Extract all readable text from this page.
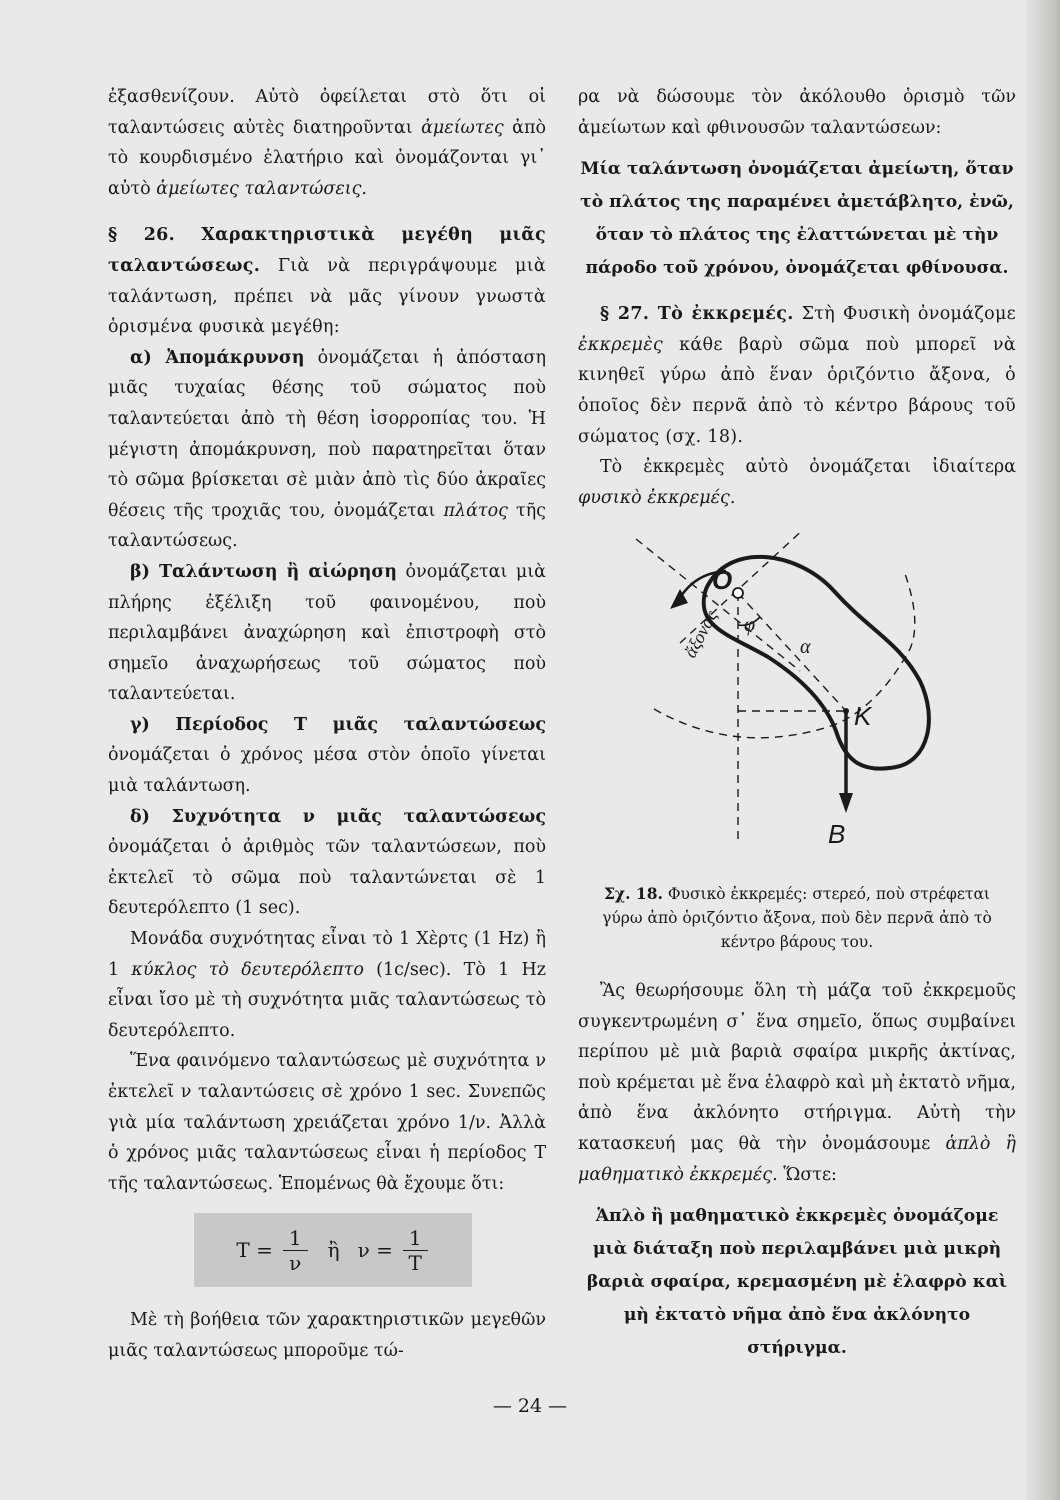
ἐξασθενίζουν. Αὐτὸ ὀφείλεται στὸ ὅτι οἱ ταλαντώσεις αὐτὲς διατηροῦνται ἀμείωτες ἀπὸ τὸ κουρδισμένο ἐλατήριο καὶ ὀνομάζονται γι᾽ αὐτὸ ἀμείωτες ταλαντώσεις.

§ 26. Χαρακτηριστικὰ μεγέθη μιᾶς ταλαντώσεως. Γιὰ νὰ περιγράψουμε μιὰ ταλάντωση, πρέπει νὰ μᾶς γίνουν γνωστὰ ὁρισμένα φυσικὰ μεγέθη:

α) Ἀπομάκρυνση ὀνομάζεται ἡ ἀπόσταση μιᾶς τυχαίας θέσης τοῦ σώματος ποὺ ταλαντεύεται ἀπὸ τὴ θέση ἰσορροπίας του. Ἡ μέγιστη ἀπομάκρυνση, ποὺ παρατηρεῖται ὅταν τὸ σῶμα βρίσκεται σὲ μιὰν ἀπὸ τὶς δύο ἀκραῖες θέσεις τῆς τροχιᾶς του, ὀνομάζεται πλάτος τῆς ταλαντώσεως.

β) Ταλάντωση ἢ αἰώρηση ὀνομάζεται μιὰ πλήρης ἐξέλιξη τοῦ φαινομένου, ποὺ περιλαμβάνει ἀναχώρηση καὶ ἐπιστροφὴ στὸ σημεῖο ἀναχωρήσεως τοῦ σώματος ποὺ ταλαντεύεται.

γ) Περίοδος T μιᾶς ταλαντώσεως ὀνομάζεται ὁ χρόνος μέσα στὸν ὁποῖο γίνεται μιὰ ταλάντωση.

δ) Συχνότητα ν μιᾶς ταλαντώσεως ὀνομάζεται ὁ ἀριθμὸς τῶν ταλαντώσεων, ποὺ ἐκτελεῖ τὸ σῶμα ποὺ ταλαντώνεται σὲ 1 δευτερόλεπτο (1 sec).

Μονάδα συχνότητας εἶναι τὸ 1 Χὲρτς (1 Hz) ἢ 1 κύκλος τὸ δευτερόλεπτο (1c/sec). Τὸ 1 Hz εἶναι ἴσο μὲ τὴ συχνότητα μιᾶς ταλαντώσεως τὸ δευτερόλεπτο.

Ἕνα φαινόμενο ταλαντώσεως μὲ συχνότητα ν ἐκτελεῖ ν ταλαντώσεις σὲ χρόνο 1 sec. Συνεπῶς γιὰ μία ταλάντωση χρειάζεται χρόνο 1/ν. Ἀλλὰ ὁ χρόνος μιᾶς ταλαντώσεως εἶναι ἡ περίοδος T τῆς ταλαντώσεως. Ἑπομένως θὰ ἔχουμε ὅτι:

$T = \frac{1}{\nu}$ ἢ $\nu = \frac{1}{T}$

Μὲ τὴ βοήθεια τῶν χαρακτηριστικῶν μεγεθῶν μιᾶς ταλαντώσεως μποροῦμε τώ-

ρα νὰ δώσουμε τὸν ἀκόλουθο ὁρισμὸ τῶν ἀμείωτων καὶ φθινουσῶν ταλαντώσεων:

Μία ταλάντωση ὀνομάζεται ἀμείωτη, ὅταν τὸ πλάτος της παραμένει ἀμετάβλητο, ἐνῶ, ὅταν τὸ πλάτος της ἐλαττώνεται μὲ τὴν πάροδο τοῦ χρόνου, ὀνομάζεται φθίνουσα.

§ 27. Τὸ ἐκκρεμές. Στὴ Φυσικὴ ὀνομάζομε ἐκκρεμὲς κάθε βαρὺ σῶμα ποὺ μπορεῖ νὰ κινηθεῖ γύρω ἀπὸ ἕναν ὁριζόντιο ἄξονα, ὁ ὁποῖος δὲν περνᾶ ἀπὸ τὸ κέντρο βάρους τοῦ σώματος (σχ. 18).

Τὸ ἐκκρεμὲς αὐτὸ ὀνομάζεται ἰδιαίτερα φυσικὸ ἐκκρεμές.

O
φ
α
K
B
ἄξονας

Σχ. 18. Φυσικὸ ἐκκρεμές: στερεό, ποὺ στρέφεται γύρω ἀπὸ ὁριζόντιο ἄξονα, ποὺ δὲν περνᾶ ἀπὸ τὸ κέντρο βάρους του.

Ἂς θεωρήσουμε ὅλη τὴ μάζα τοῦ ἐκκρεμοῦς συγκεντρωμένη σ᾽ ἕνα σημεῖο, ὅπως συμβαίνει περίπου μὲ μιὰ βαριὰ σφαίρα μικρῆς ἀκτίνας, ποὺ κρέμεται μὲ ἕνα ἐλαφρὸ καὶ μὴ ἐκτατὸ νῆμα, ἀπὸ ἕνα ἀκλόνητο στήριγμα. Αὐτὴ τὴν κατασκευή μας θὰ τὴν ὀνομάσουμε ἁπλὸ ἢ μαθηματικὸ ἐκκρεμές. Ὥστε:

Ἁπλὸ ἢ μαθηματικὸ ἐκκρεμὲς ὀνομάζομε μιὰ διάταξη ποὺ περιλαμβάνει μιὰ μικρὴ βαριὰ σφαίρα, κρεμασμένη μὲ ἐλαφρὸ καὶ μὴ ἐκτατὸ νῆμα ἀπὸ ἕνα ἀκλόνητο στήριγμα.

— 24 —
